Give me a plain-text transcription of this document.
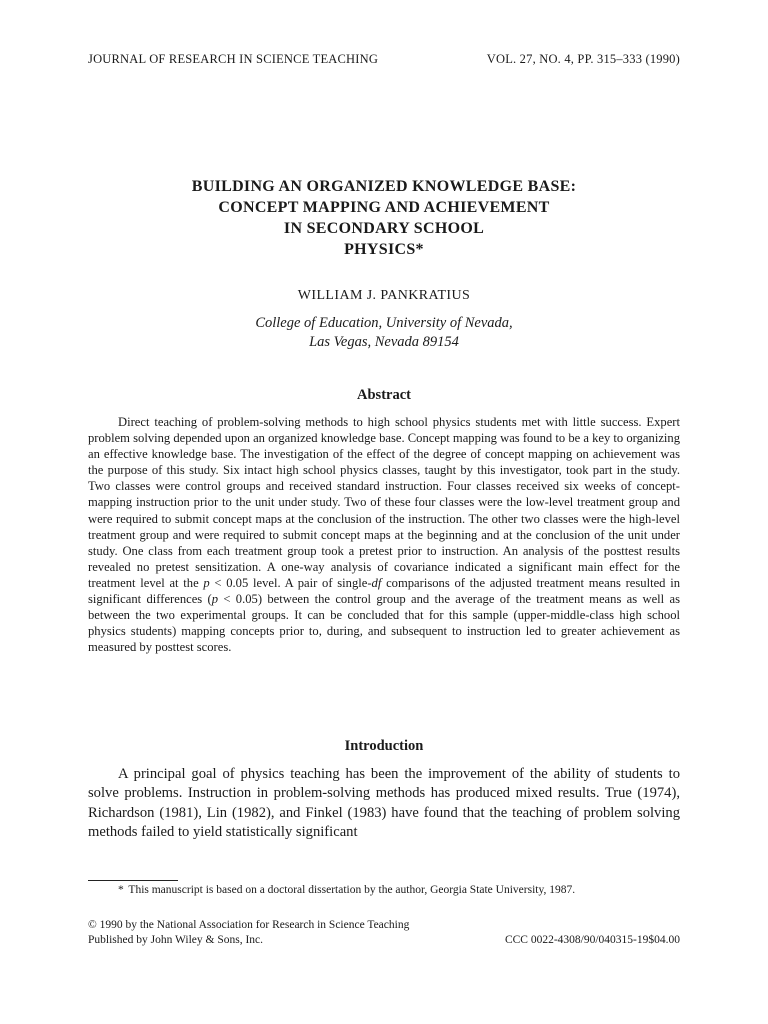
JOURNAL OF RESEARCH IN SCIENCE TEACHING	VOL. 27, NO. 4, PP. 315–333 (1990)
BUILDING AN ORGANIZED KNOWLEDGE BASE:
CONCEPT MAPPING AND ACHIEVEMENT
IN SECONDARY SCHOOL
PHYSICS*
WILLIAM J. PANKRATIUS
College of Education, University of Nevada,
Las Vegas, Nevada 89154
Abstract

Direct teaching of problem-solving methods to high school physics students met with little success. Expert problem solving depended upon an organized knowledge base. Concept mapping was found to be a key to organizing an effective knowledge base. The investigation of the effect of the degree of concept mapping on achievement was the purpose of this study. Six intact high school physics classes, taught by this investigator, took part in the study. Two classes were control groups and received standard instruction. Four classes received six weeks of concept-mapping instruction prior to the unit under study. Two of these four classes were the low-level treatment group and were required to submit concept maps at the conclusion of the instruction. The other two classes were the high-level treatment group and were required to submit concept maps at the beginning and at the conclusion of the unit under study. One class from each treatment group took a pretest prior to instruction. An analysis of the posttest results revealed no pretest sensitization. A one-way analysis of covariance indicated a significant main effect for the treatment level at the p < 0.05 level. A pair of single-df comparisons of the adjusted treatment means resulted in significant differences (p < 0.05) between the control group and the average of the treatment means as well as between the two experimental groups. It can be concluded that for this sample (upper-middle-class high school physics students) mapping concepts prior to, during, and subsequent to instruction led to greater achievement as measured by posttest scores.

Introduction

A principal goal of physics teaching has been the improvement of the ability of students to solve problems. Instruction in problem-solving methods has produced mixed results. True (1974), Richardson (1981), Lin (1982), and Finkel (1983) have found that the teaching of problem solving methods failed to yield statistically significant

* This manuscript is based on a doctoral dissertation by the author, Georgia State University, 1987.
© 1990 by the National Association for Research in Science Teaching
Published by John Wiley & Sons, Inc.	CCC 0022-4308/90/040315-19$04.00
